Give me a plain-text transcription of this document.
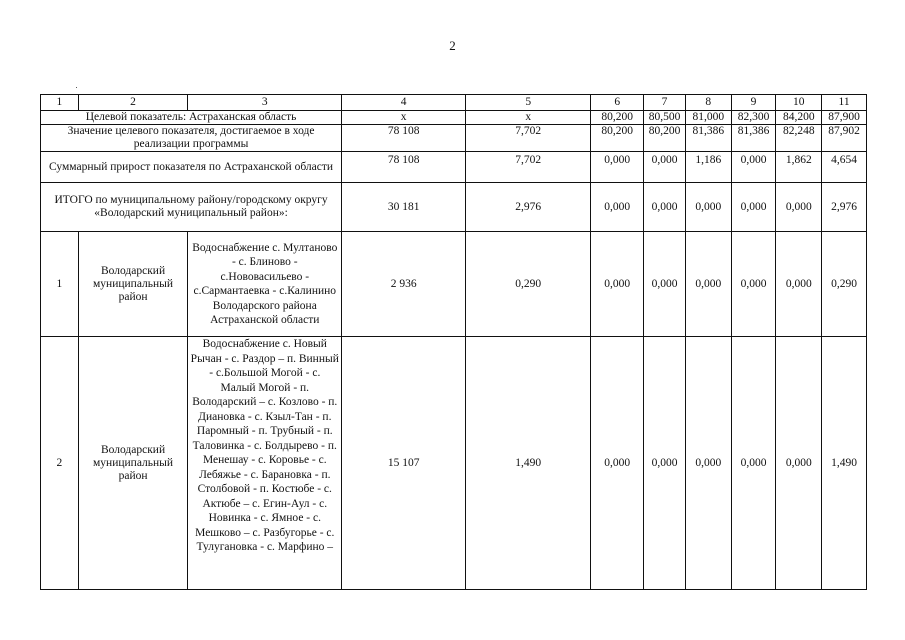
2
1	2	3	4	5	6	7	8	9	10	11
Целевой показатель: Астраханская область			x	x	80,200	80,500	81,000	82,300	84,200	87,900
Значение целевого показателя, достигаемое в ходе реализации программы			78 108	7,702	80,200	80,200	81,386	81,386	82,248	87,902
Суммарный прирост показателя по Астраханской области			78 108	7,702	0,000	0,000	1,186	0,000	1,862	4,654
ИТОГО по муниципальному району/городскому округу «Володарский муниципальный район»:			30 181	2,976	0,000	0,000	0,000	0,000	0,000	2,976
1	Володарский муниципальный район	Водоснабжение с. Мултаново - с. Блиново - с.Нововасильево - с.Сармантаевка - с.Калинино Володарского района Астраханской области	2 936	0,290	0,000	0,000	0,000	0,000	0,000	0,290
2	Володарский муниципальный район	Водоснабжение с. Новый Рычан - с. Раздор – п. Винный - с.Большой Могой - с. Малый Могой - п. Володарский – с. Козлово - п. Диановка - с. Кзыл-Тан - п. Паромный - п. Трубный - п. Таловинка - с. Болдырево - п. Менешау - с. Коровье - с. Лебяжье - с. Барановка - п. Столбовой - п. Костюбе - с. Актюбе – с. Егин-Аул - с. Новинка - с. Ямное - с. Мешково – с. Разбугорье - с. Тулугановка - с. Марфино –	15 107	1,490	0,000	0,000	0,000	0,000	0,000	1,490
